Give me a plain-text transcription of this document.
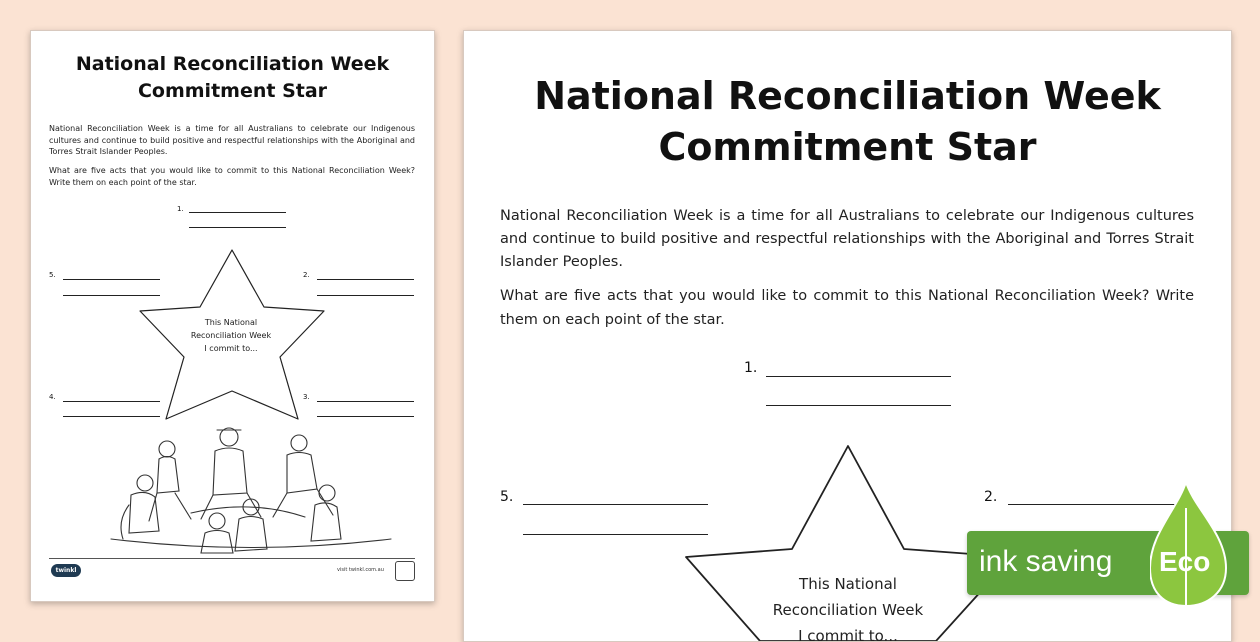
National Reconciliation Week
Commitment Star

National Reconciliation Week is a time for all Australians to celebrate our Indigenous cultures and continue to build positive and respectful relationships with the Aboriginal and Torres Strait Islander Peoples.

What are five acts that you would like to commit to this National Reconciliation Week? Write them on each point of the star.

1.
2.
3.
4.
5.
This National
Reconciliation Week
I commit to...
twinkl	visit twinkl.com.au
National Reconciliation Week
Commitment Star

National Reconciliation Week is a time for all Australians to celebrate our Indigenous cultures and continue to build positive and respectful relationships with the Aboriginal and Torres Strait Islander Peoples.

What are five acts that you would like to commit to this National Reconciliation Week? Write them on each point of the star.

1.
2.
5.
This National
Reconciliation Week
I commit to...
ink saving Eco
